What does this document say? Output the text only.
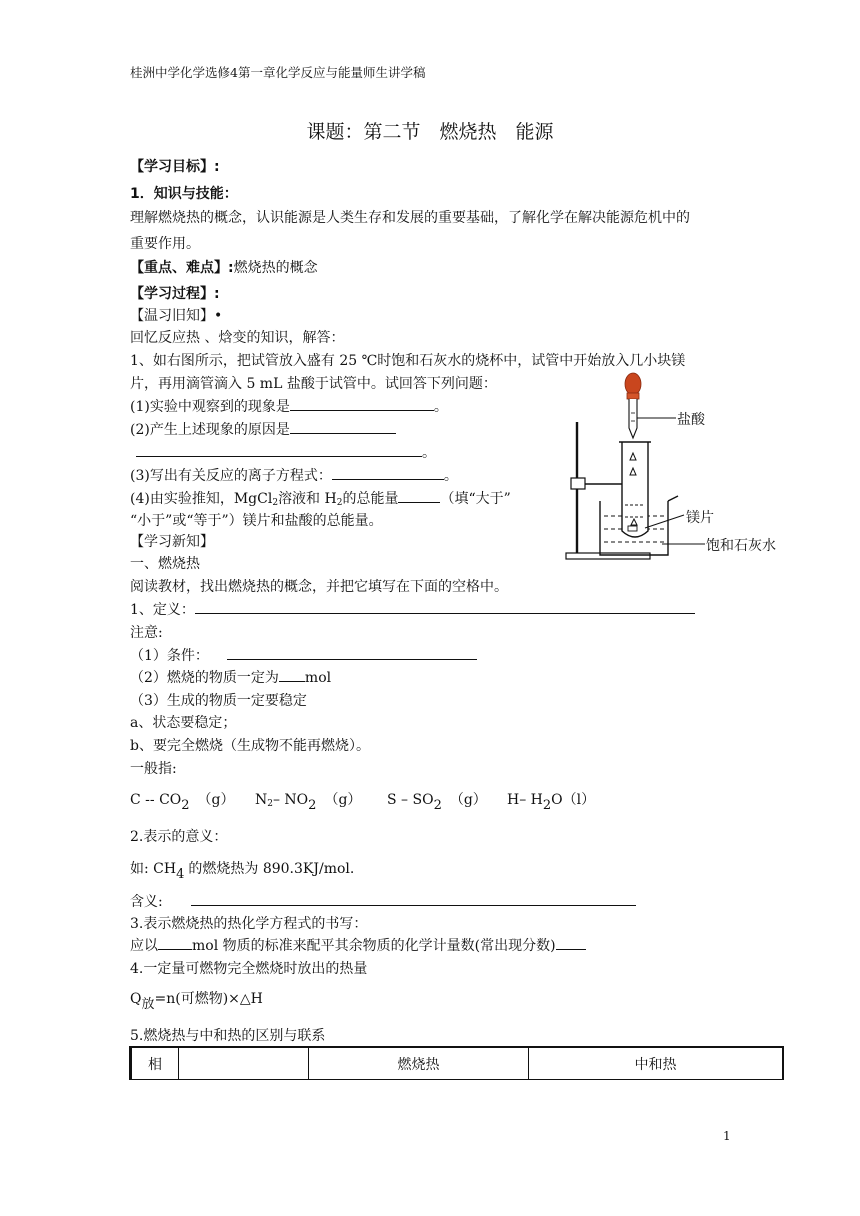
桂洲中学化学选修4第一章化学反应与能量师生讲学稿
课题：第二节　燃烧热　能源
【学习目标】:
1．知识与技能：
理解燃烧热的概念，认识能源是人类生存和发展的重要基础，了解化学在解决能源危机中的
重要作用。
【重点、难点】:燃烧热的概念
【学习过程】:
【温习旧知】•
回忆反应热 、焓变的知识，解答：
1、如右图所示，把试管放入盛有 25 ℃时饱和石灰水的烧杯中，试管中开始放入几小块镁
片，再用滴管滴入 5 mL 盐酸于试管中。试回答下列问题：
(1)实验中观察到的现象是	。
(2)产生上述现象的原因是
。
(3)写出有关反应的离子方程式：	。
(4)由实验推知，MgCl$_2$溶液和 $H_2$的总能量	（填“大于”
“小于”或“等于”）镁片和盐酸的总能量。
【学习新知】
一、燃烧热
阅读教材，找出燃烧热的概念，并把它填写在下面的空格中。
1、定义：
注意:
（1）条件：
（2）燃烧的物质一定为 mol
（3）生成的物质一定要稳定
a、状态要稳定；
b、要完全燃烧（生成物不能再燃烧）。
一般指:
C -- $CO_2$ （g） $N_2-$ $NO_2$ （g） S – $SO_2$ （g） H– $H_2O(l)$
2.表示的意义：
如: $CH_4$ 的燃烧热为 890.3KJ/mol.
含义:
3.表示燃烧热的热化学方程式的书写：
应以 mol 物质的标准来配平其余物质的化学计量数(常出现分数)
4.一定量可燃物完全燃烧时放出的热量
$Q_放=n$(可燃物)×△H
5.燃烧热与中和热的区别与联系
相		燃烧热	中和热
盐酸
镁片
饱和石灰水
1
